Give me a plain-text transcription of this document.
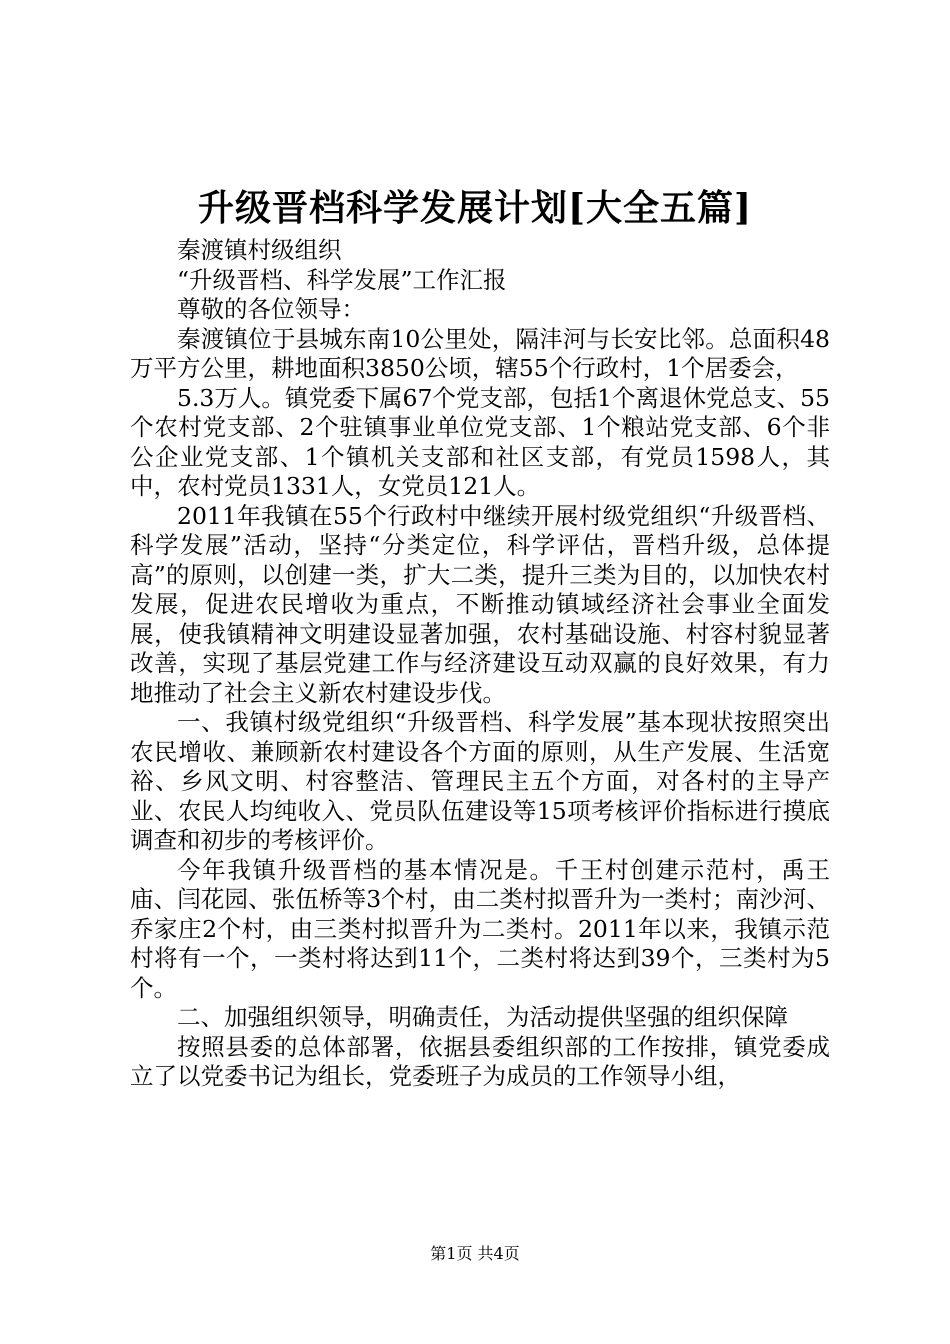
升级晋档科学发展计划[大全五篇]

秦渡镇村级组织

“升级晋档、科学发展”工作汇报

尊敬的各位领导：

秦渡镇位于县城东南10公里处，隔沣河与长安比邻。总面积48万平方公里，耕地面积3850公顷，辖55个行政村，1个居委会，

5.3万人。镇党委下属67个党支部，包括1个离退休党总支、55个农村党支部、2个驻镇事业单位党支部、1个粮站党支部、6个非公企业党支部、1个镇机关支部和社区支部，有党员1598人，其中，农村党员1331人，女党员121人。

2011年我镇在55个行政村中继续开展村级党组织“升级晋档、科学发展”活动，坚持“分类定位，科学评估，晋档升级，总体提高”的原则，以创建一类，扩大二类，提升三类为目的，以加快农村发展，促进农民增收为重点，不断推动镇域经济社会事业全面发展，使我镇精神文明建设显著加强，农村基础设施、村容村貌显著改善，实现了基层党建工作与经济建设互动双赢的良好效果，有力地推动了社会主义新农村建设步伐。

一、我镇村级党组织“升级晋档、科学发展”基本现状按照突出农民增收、兼顾新农村建设各个方面的原则，从生产发展、生活宽裕、乡风文明、村容整洁、管理民主五个方面，对各村的主导产业、农民人均纯收入、党员队伍建设等15项考核评价指标进行摸底调查和初步的考核评价。

今年我镇升级晋档的基本情况是。千王村创建示范村，禹王庙、闫花园、张伍桥等3个村，由二类村拟晋升为一类村；南沙河、乔家庄2个村，由三类村拟晋升为二类村。2011年以来，我镇示范村将有一个，一类村将达到11个，二类村将达到39个，三类村为5个。

二、加强组织领导，明确责任，为活动提供坚强的组织保障

按照县委的总体部署，依据县委组织部的工作按排，镇党委成立了以党委书记为组长，党委班子为成员的工作领导小组，

第1页 共4页
